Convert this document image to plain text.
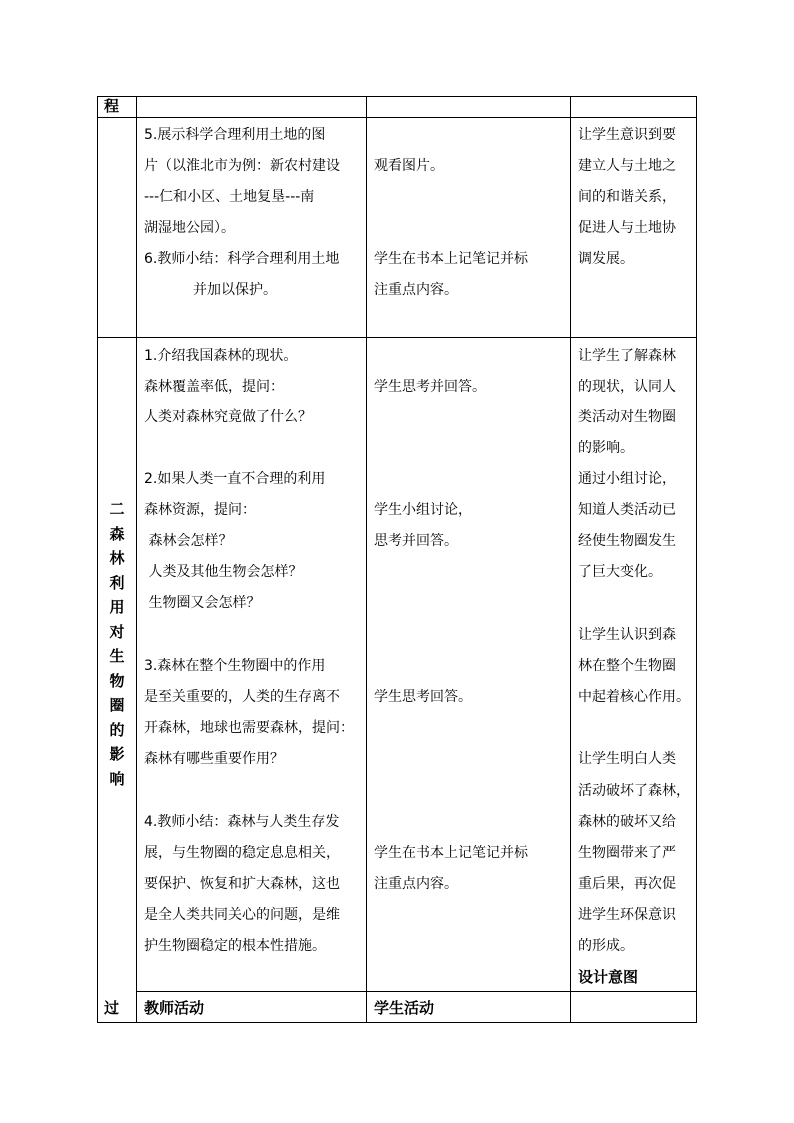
程
5.展示科学合理利用土地的图
片（以淮北市为例：新农村建设
---仁和小区、土地复垦---南
湖湿地公园）。
6.教师小结：科学合理利用土地
并加以保护。
观看图片。
学生在书本上记笔记并标
注重点内容。
让学生意识到要
建立人与土地之
间的和谐关系，
促进人与土地协
调发展。
二
森
林
利
用
对
生
物
圈
的
影
响
1.介绍我国森林的现状。
森林覆盖率低，提问：
人类对森林究竟做了什么？
2.如果人类一直不合理的利用
森林资源，提问：
森林会怎样？
人类及其他生物会怎样？
生物圈又会怎样？
3.森林在整个生物圈中的作用
是至关重要的，人类的生存离不
开森林，地球也需要森林，提问：
森林有哪些重要作用？
4.教师小结：森林与人类生存发
展，与生物圈的稳定息息相关，
要保护、恢复和扩大森林，这也
是全人类共同关心的问题，是维
护生物圈稳定的根本性措施。
学生思考并回答。
学生小组讨论，
思考并回答。
学生思考回答。
学生在书本上记笔记并标
注重点内容。
让学生了解森林
的现状，认同人
类活动对生物圈
的影响。
通过小组讨论，
知道人类活动已
经使生物圈发生
了巨大变化。
让学生认识到森
林在整个生物圈
中起着核心作用。
让学生明白人类
活动破坏了森林，
森林的破坏又给
生物圈带来了严
重后果，再次促
进学生环保意识
的形成。
设计意图
过 教师活动	学生活动
